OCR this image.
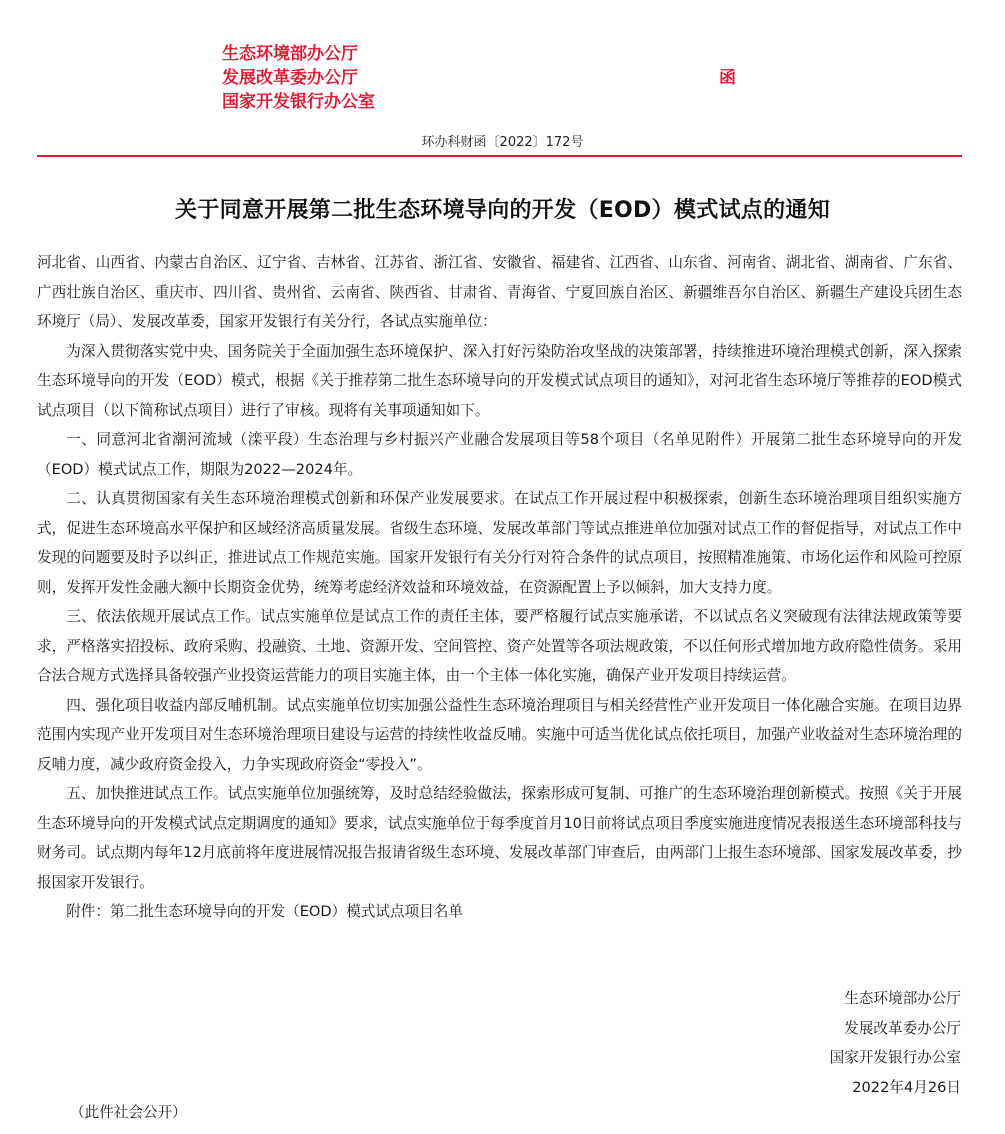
生态环境部办公厅
发展改革委办公厅
国家开发银行办公室
函
环办科财函〔2022〕172号
关于同意开展第二批生态环境导向的开发（EOD）模式试点的通知

河北省、山西省、内蒙古自治区、辽宁省、吉林省、江苏省、浙江省、安徽省、福建省、江西省、山东省、河南省、湖北省、湖南省、广东省、广西壮族自治区、重庆市、四川省、贵州省、云南省、陕西省、甘肃省、青海省、宁夏回族自治区、新疆维吾尔自治区、新疆生产建设兵团生态环境厅（局）、发展改革委，国家开发银行有关分行，各试点实施单位：

为深入贯彻落实党中央、国务院关于全面加强生态环境保护、深入打好污染防治攻坚战的决策部署，持续推进环境治理模式创新，深入探索生态环境导向的开发（EOD）模式，根据《关于推荐第二批生态环境导向的开发模式试点项目的通知》，对河北省生态环境厅等推荐的EOD模式试点项目（以下简称试点项目）进行了审核。现将有关事项通知如下。

一、同意河北省潮河流域（滦平段）生态治理与乡村振兴产业融合发展项目等58个项目（名单见附件）开展第二批生态环境导向的开发（EOD）模式试点工作，期限为2022—2024年。

二、认真贯彻国家有关生态环境治理模式创新和环保产业发展要求。在试点工作开展过程中积极探索，创新生态环境治理项目组织实施方式，促进生态环境高水平保护和区域经济高质量发展。省级生态环境、发展改革部门等试点推进单位加强对试点工作的督促指导，对试点工作中发现的问题要及时予以纠正，推进试点工作规范实施。国家开发银行有关分行对符合条件的试点项目，按照精准施策、市场化运作和风险可控原则，发挥开发性金融大额中长期资金优势，统筹考虑经济效益和环境效益，在资源配置上予以倾斜，加大支持力度。

三、依法依规开展试点工作。试点实施单位是试点工作的责任主体，要严格履行试点实施承诺，不以试点名义突破现有法律法规政策等要求，严格落实招投标、政府采购、投融资、土地、资源开发、空间管控、资产处置等各项法规政策，不以任何形式增加地方政府隐性债务。采用合法合规方式选择具备较强产业投资运营能力的项目实施主体，由一个主体一体化实施，确保产业开发项目持续运营。

四、强化项目收益内部反哺机制。试点实施单位切实加强公益性生态环境治理项目与相关经营性产业开发项目一体化融合实施。在项目边界范围内实现产业开发项目对生态环境治理项目建设与运营的持续性收益反哺。实施中可适当优化试点依托项目，加强产业收益对生态环境治理的反哺力度，减少政府资金投入，力争实现政府资金“零投入”。

五、加快推进试点工作。试点实施单位加强统筹，及时总结经验做法，探索形成可复制、可推广的生态环境治理创新模式。按照《关于开展生态环境导向的开发模式试点定期调度的通知》要求，试点实施单位于每季度首月10日前将试点项目季度实施进度情况表报送生态环境部科技与财务司。试点期内每年12月底前将年度进展情况报告报请省级生态环境、发展改革部门审查后，由两部门上报生态环境部、国家发展改革委，抄报国家开发银行。

附件：第二批生态环境导向的开发（EOD）模式试点项目名单

生态环境部办公厅
发展改革委办公厅
国家开发银行办公室
2022年4月26日
（此件社会公开）
